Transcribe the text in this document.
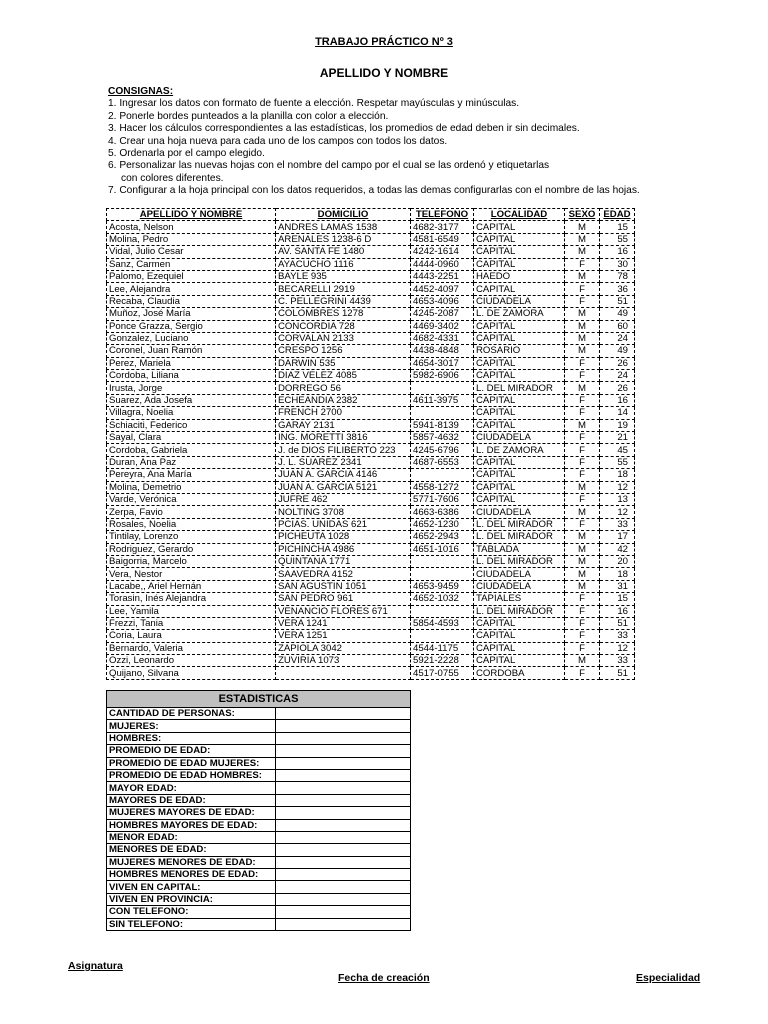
TRABAJO PRÁCTICO Nº 3
APELLIDO Y NOMBRE
CONSIGNAS:
1. Ingresar los datos con formato de fuente a elección. Respetar mayúsculas y minúsculas.
2. Ponerle bordes punteados a la planilla con color a elección.
3. Hacer los cálculos correspondientes a las estadísticas, los promedios de edad deben ir sin decimales.
4. Crear una hoja nueva para cada uno de los campos con todos los datos.
5. Ordenarla por el campo elegido.
6. Personalizar las nuevas hojas con el nombre del campo por el cual se las ordenó y etiquetarlas
con colores diferentes.
7. Configurar a la hoja principal con los datos requeridos, a todas las demas configurarlas con el nombre de las hojas.
APELLIDO Y NOMBRE	DOMICILIO	TELEFONO	LOCALIDAD	SEXO	EDAD
Acosta, Nelson	ANDRES LAMAS 1538	4682-3177	CAPITAL	M	15
Molina, Pedro	ARENALES 1238-6 D	4581-6549	CAPITAL	M	55
Vidal, Julio Cesar	AV. SANTA FE 1480	4242-1614	CAPITAL	M	16
Sanz, Carmen	AYACUCHO 1116	4444-0960	CAPITAL	F	30
Palomo, Ezequiel	BAYLE 935	4443-2251	HAEDO	M	78
Lee, Alejandra	BECARELLI 2919	4452-4097	CAPITAL	F	36
Recaba, Claudia	C. PELLEGRINI 4439	4653-4096	CIUDADELA	F	51
Muñoz, José María	COLOMBRES 1278	4245-2087	L. DE ZAMORA	M	49
Ponce Grazza, Sergio	CONCORDIA 728	4469-3402	CAPITAL	M	60
Gonzalez, Luciano	CORVALAN 2133	4682-4331	CAPITAL	M	24
Coronel, Juan Ramón	CRESPO 1256	4438-4848	ROSARIO	M	49
Perez, Mariela	DARWIN 535	4654-3017	CAPITAL	F	26
Cordoba, Liliana	DIAZ VELEZ 4085	5982-6906	CAPITAL	F	24
Irusta, Jorge	DORREGO 56		L. DEL MIRADOR	M	26
Suarez, Ada Josefa	ECHEANDIA 2382	4611-3975	CAPITAL	F	16
Villagra, Noelia	FRENCH 2700		CAPITAL	F	14
Schiaciti, Federico	GARAY 2131	5941-8139	CAPITAL	M	19
Sayal, Clara	ING. MORETTI 3816	5857-4632	CIUDADELA	F	21
Cordoba, Gabriela	J. de DIOS FILIBERTO 223	4245-6796	L. DE ZAMORA	F	45
Duran, Ana Paz	J. L. SUAREZ 2341	4687-6553	CAPITAL	F	55
Pereyra, Ana María	JUAN A. GARCIA 4146		CAPITAL	F	18
Molina, Demetrio	JUAN A. GARCIA 5121	4558-1272	CAPITAL	M	12
Varde, Verónica	JUFRE 462	5771-7606	CAPITAL	F	13
Zerpa, Favio	NOLTING 3708	4663-6386	CIUDADELA	M	12
Rosales, Noelia	PCIAS. UNIDAS 621	4652-1230	L. DEL MIRADOR	F	33
Tintilay, Lorenzo	PICHEUTA 1028	4652-2943	L. DEL MIRADOR	M	17
Rodriguez, Gerardo	PICHINCHA 4986	4651-1016	TABLADA	M	42
Baigorria, Marcelo	QUINTANA 1771		L. DEL MIRADOR	M	20
Vera, Nestor	SAAVEDRA 4152		CIUDADELA	M	18
Lacabe,, Ariel Hernán	SAN AGUSTIN 1051	4653-9459	CIUDADELA	M	31
Torasin, Inés Alejandra	SAN PEDRO 961	4652-1032	TAPIALES	F	15
Lee, Yamila	VENANCIO FLORES 671		L. DEL MIRADOR	F	16
Frezzi, Tania	VERA 1241	5854-4593	CAPITAL	F	51
Coria, Laura	VERA 1251		CAPITAL	F	33
Bernardo, Valeria	ZAPIOLA 3042	4544-1175	CAPITAL	F	12
Ozzi, Leonardo	ZUVIRIA 1073	5921-2228	CAPITAL	M	33
Quijano, Silvana		4517-0755	CORDOBA	F	51
ESTADISTICAS	
CANTIDAD DE PERSONAS:	
MUJERES:	
HOMBRES:	
PROMEDIO DE EDAD:	
PROMEDIO DE EDAD MUJERES:	
PROMEDIO DE EDAD HOMBRES:	
MAYOR EDAD:	
MAYORES DE EDAD:	
MUJERES MAYORES DE EDAD:	
HOMBRES MAYORES DE EDAD:	
MENOR EDAD:	
MENORES DE EDAD:	
MUJERES MENORES DE EDAD:	
HOMBRES MENORES DE EDAD:	
VIVEN EN CAPITAL:	
VIVEN EN PROVINCIA:	
CON TELEFONO:	
SIN TELEFONO:	
Asignatura
Fecha de creación	Especialidad
